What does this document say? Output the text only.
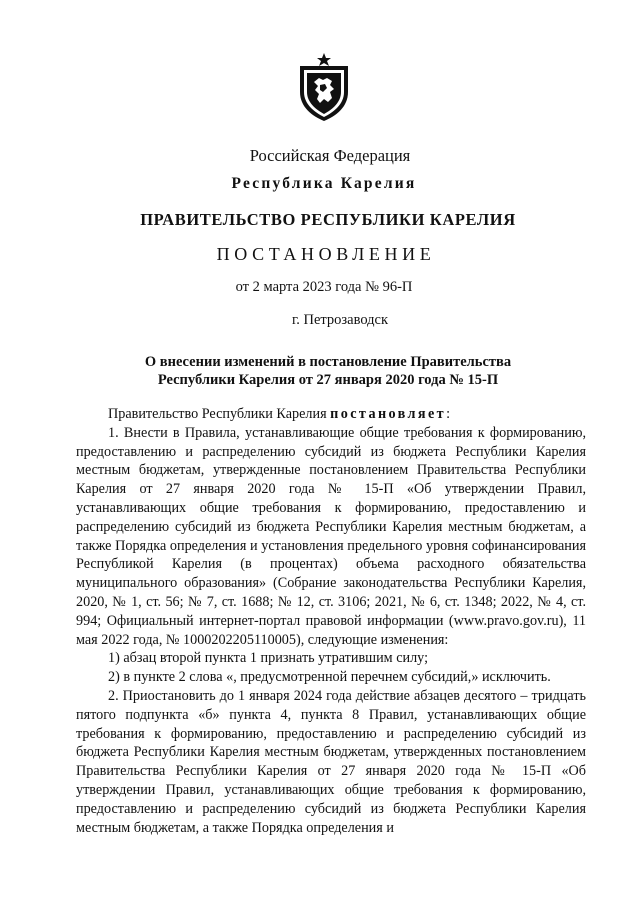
Российская Федерация
Республика Карелия
ПРАВИТЕЛЬСТВО РЕСПУБЛИКИ КАРЕЛИЯ
ПОСТАНОВЛЕНИЕ
от 2 марта 2023 года № 96-П
г. Петрозаводск
О внесении изменений в постановление Правительства
Республики Карелия от 27 января 2020 года № 15-П

Правительство Республики Карелия постановляет:

1. Внести в Правила, устанавливающие общие требования к формированию, предоставлению и распределению субсидий из бюджета Республики Карелия местным бюджетам, утвержденные постановлением Правительства Республики Карелия от 27 января 2020 года № 15-П «Об утверждении Правил, устанавливающих общие требования к формированию, предоставлению и распределению субсидий из бюджета Республики Карелия местным бюджетам, а также Порядка определения и установления предельного уровня софинансирования Республикой Карелия (в процентах) объема расходного обязательства муниципального образования» (Собрание законодательства Республики Карелия, 2020, № 1, ст. 56; № 7, ст. 1688; № 12, ст. 3106; 2021, № 6, ст. 1348; 2022, № 4, ст. 994; Официальный интернет-портал правовой информации (www.pravo.gov.ru), 11 мая 2022 года, № 1000202205110005), следующие изменения:

1) абзац второй пункта 1 признать утратившим силу;

2) в пункте 2 слова «, предусмотренной перечнем субсидий,» исключить.

2. Приостановить до 1 января 2024 года действие абзацев десятого – тридцать пятого подпункта «б» пункта 4, пункта 8 Правил, устанавливающих общие требования к формированию, предоставлению и распределению субсидий из бюджета Республики Карелия местным бюджетам, утвержденных постановлением Правительства Республики Карелия от 27 января 2020 года № 15-П «Об утверждении Правил, устанавливающих общие требования к формированию, предоставлению и распределению субсидий из бюджета Республики Карелия местным бюджетам, а также Порядка определения и
